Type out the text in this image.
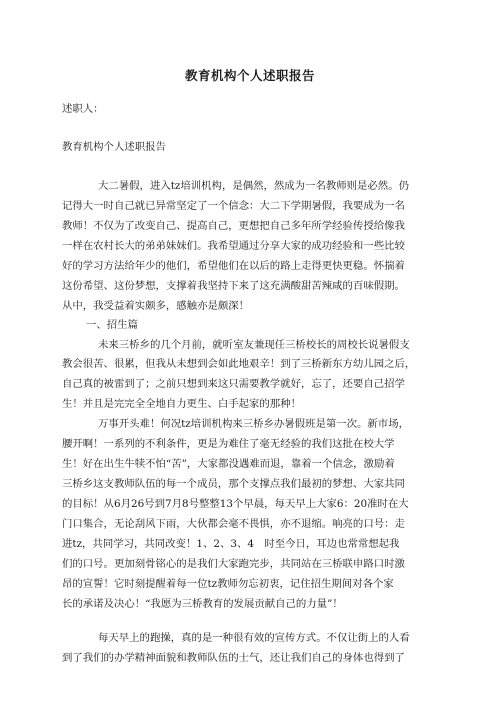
教育机构个人述职报告
述职人：
教育机构个人述职报告
大二暑假，进入tz培训机构，是偶然，然成为一名教师则是必然。仍
记得大一时自己就已异常坚定了一个信念：大二下学期暑假，我要成为一名
教师！不仅为了改变自己、提高自己，更想把自己多年所学经验传授给像我
一样在农村长大的弟弟妹妹们。我希望通过分享大家的成功经验和一些比较
好的学习方法给年少的他们，希望他们在以后的路上走得更快更稳。怀揣着
这份希望、这份梦想，支撑着我坚持下来了这充满酸甜苦辣咸的百味假期。
从中，我受益着实颇多，感触亦是颇深！
一、招生篇
未来三桥乡的几个月前，就听室友兼现任三桥校长的周校长说暑假支
教会很苦、很累，但我从未想到会如此地艰辛！到了三桥新东方幼儿园之后，
自己真的被雷到了；之前只想到来这只需要教学就好，忘了，还要自己招学
生！并且是完完全全地自力更生、白手起家的那种！
万事开头难！何况tz培训机构来三桥乡办暑假班是第一次。新市场，
腰开啊！一系列的不利条件，更是为难住了毫无经验的我们这批在校大学
生！好在出生牛犊不怕“苦”，大家都没遇难而退，靠着一个信念，激励着
三桥乡这支教师队伍的每一个成员，那个支撑点我们最初的梦想、大家共同
的目标！从6月26号到7月8号整整13个早晨，每天早上大家6：20准时在大
门口集合，无论刮风下雨，大伙都会毫不畏惧，亦不退缩。响亮的口号：走
进tz，共同学习，共同改变！1、2、3、4　时至今日，耳边也常常想起我
们的口号。更加刻骨铭心的是我们大家跑完步，共同站在三桥联申路口时激
昂的宣誓！它时刻提醒着每一位tz教师勿忘初衷，记住招生期间对各个家
长的承诺及决心！“我愿为三桥教育的发展贡献自己的力量”！
每天早上的跑操，真的是一种很有效的宣传方式。不仅让街上的人看
到了我们的办学精神面貌和教师队伍的士气，还让我们自己的身体也得到了
